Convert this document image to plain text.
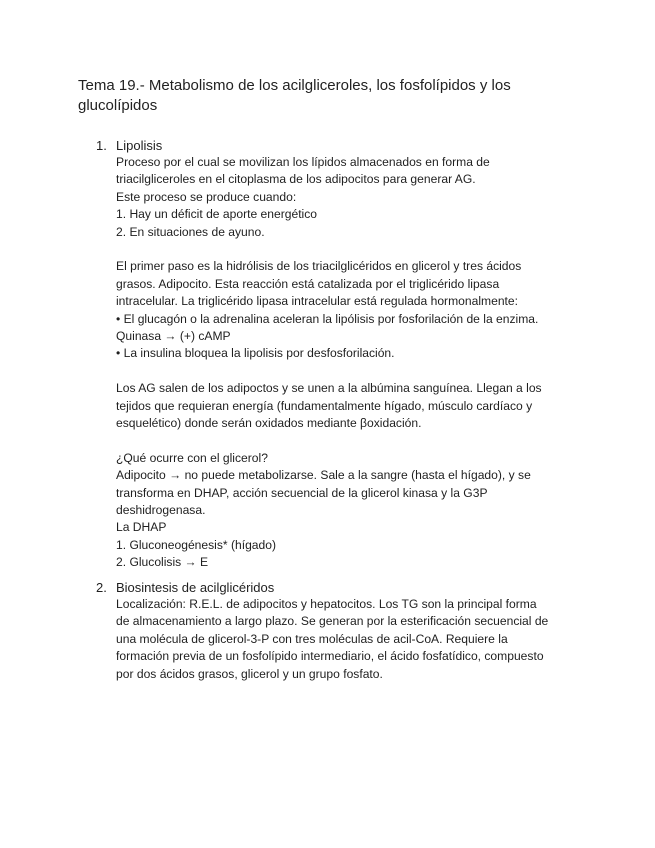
Tema 19.- Metabolismo de los acilgliceroles, los fosfolípidos y los
glucolípidos
1. Lipolisis
Proceso por el cual se movilizan los lípidos almacenados en forma de
triacilgliceroles en el citoplasma de los adipocitos para generar AG.
Este proceso se produce cuando:
1. Hay un déficit de aporte energético
2. En situaciones de ayuno.
El primer paso es la hidrólisis de los triacilglicéridos en glicerol y tres ácidos
grasos. Adipocito. Esta reacción está catalizada por el triglicérido lipasa
intracelular. La triglicérido lipasa intracelular está regulada hormonalmente:
• El glucagón o la adrenalina aceleran la lipólisis por fosforilación de la enzima.
Quinasa → (+) cAMP
• La insulina bloquea la lipolisis por desfosforilación.
Los AG salen de los adipoctos y se unen a la albúmina sanguínea. Llegan a los
tejidos que requieran energía (fundamentalmente hígado, músculo cardíaco y
esquelético) donde serán oxidados mediante βoxidación.
¿Qué ocurre con el glicerol?
Adipocito → no puede metabolizarse. Sale a la sangre (hasta el hígado), y se
transforma en DHAP, acción secuencial de la glicerol kinasa y la G3P
deshidrogenasa.
La DHAP
1. Gluconeogénesis* (hígado)
2. Glucolisis → E
2. Biosintesis de acilglicéridos
Localización: R.E.L. de adipocitos y hepatocitos. Los TG son la principal forma
de almacenamiento a largo plazo. Se generan por la esterificación secuencial de
una molécula de glicerol-3-P con tres moléculas de acil-CoA. Requiere la
formación previa de un fosfolípido intermediario, el ácido fosfatídico, compuesto
por dos ácidos grasos, glicerol y un grupo fosfato.
